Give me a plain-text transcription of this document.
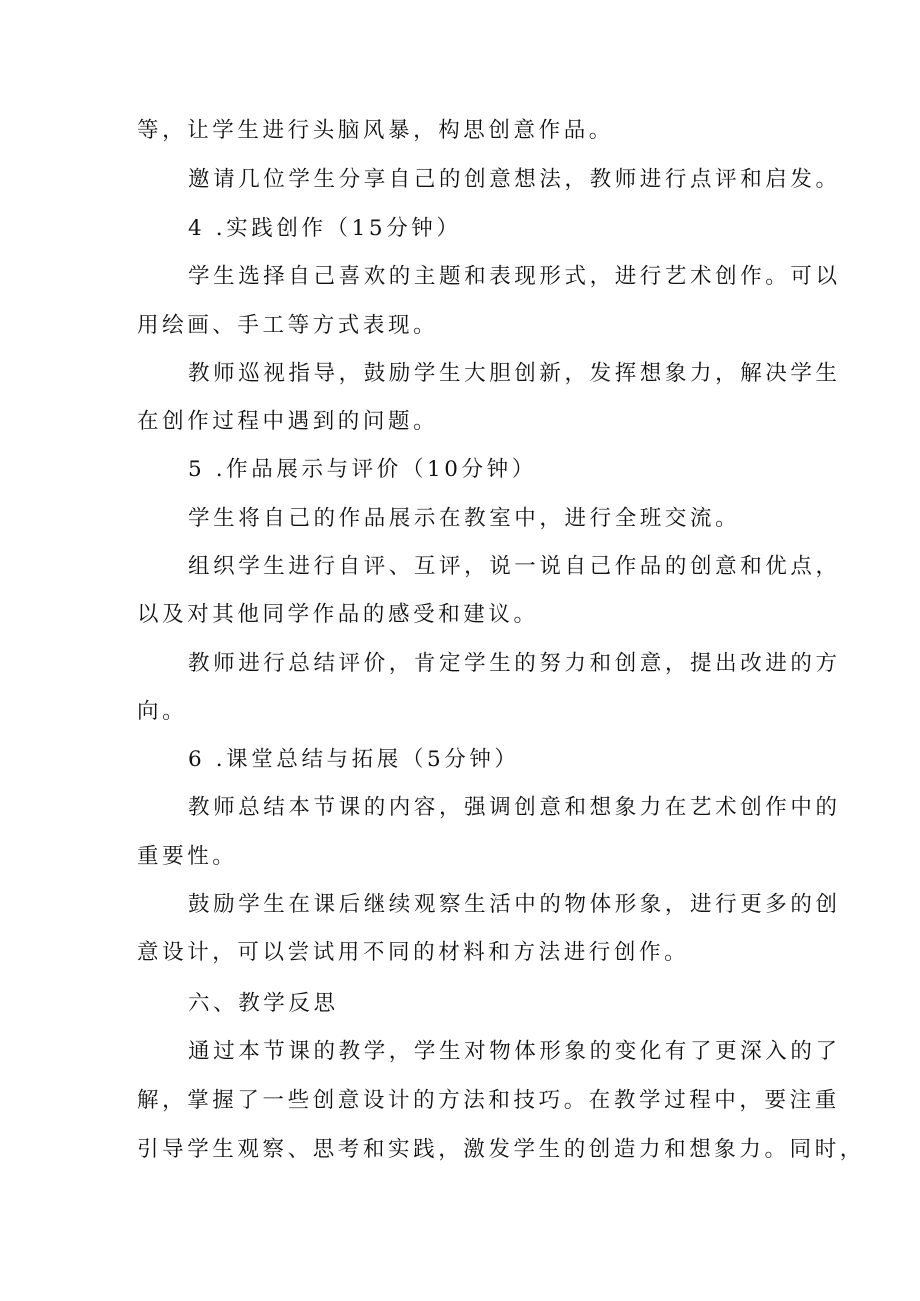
等，让学生进行头脑风暴，构思创意作品。
邀请几位学生分享自己的创意想法，教师进行点评和启发。
4 .实践创作（15分钟）
学生选择自己喜欢的主题和表现形式，进行艺术创作。可以
用绘画、手工等方式表现。
教师巡视指导，鼓励学生大胆创新，发挥想象力，解决学生
在创作过程中遇到的问题。
5 .作品展示与评价（10分钟）
学生将自己的作品展示在教室中，进行全班交流。
组织学生进行自评、互评，说一说自己作品的创意和优点，
以及对其他同学作品的感受和建议。
教师进行总结评价，肯定学生的努力和创意，提出改进的方
向。
6 .课堂总结与拓展（5分钟）
教师总结本节课的内容，强调创意和想象力在艺术创作中的
重要性。
鼓励学生在课后继续观察生活中的物体形象，进行更多的创
意设计，可以尝试用不同的材料和方法进行创作。
六、教学反思
通过本节课的教学，学生对物体形象的变化有了更深入的了
解，掌握了一些创意设计的方法和技巧。在教学过程中，要注重
引导学生观察、思考和实践，激发学生的创造力和想象力。同时，
